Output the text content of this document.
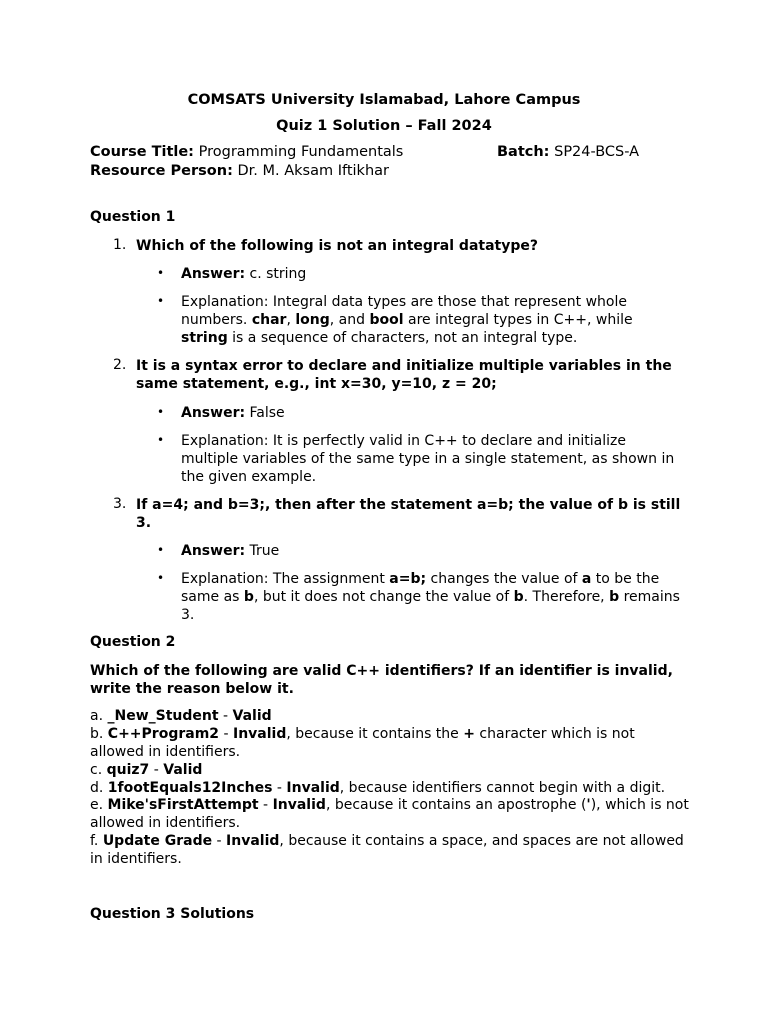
COMSATS University Islamabad, Lahore Campus
Quiz 1 Solution – Fall 2024
Course Title: Programming Fundamentals	Batch: SP24-BCS-A
Resource Person: Dr. M. Aksam Iftikhar
Question 1
1. Which of the following is not an integral datatype?
• Answer: c. string
• Explanation: Integral data types are those that represent whole numbers. char, long, and bool are integral types in C++, while string is a sequence of characters, not an integral type.
2. It is a syntax error to declare and initialize multiple variables in the same statement, e.g., int x=30, y=10, z = 20;
• Answer: False
• Explanation: It is perfectly valid in C++ to declare and initialize multiple variables of the same type in a single statement, as shown in the given example.
3. If a=4; and b=3;, then after the statement a=b; the value of b is still 3.
• Answer: True
• Explanation: The assignment a=b; changes the value of a to be the same as b, but it does not change the value of b. Therefore, b remains 3.
Question 2
Which of the following are valid C++ identifiers? If an identifier is invalid, write the reason below it.
a. _New_Student - Valid
b. C++Program2 - Invalid, because it contains the + character which is not allowed in identifiers.
c. quiz7 - Valid
d. 1footEquals12Inches - Invalid, because identifiers cannot begin with a digit.
e. Mike'sFirstAttempt - Invalid, because it contains an apostrophe ('), which is not allowed in identifiers.
f. Update Grade - Invalid, because it contains a space, and spaces are not allowed in identifiers.
Question 3 Solutions
